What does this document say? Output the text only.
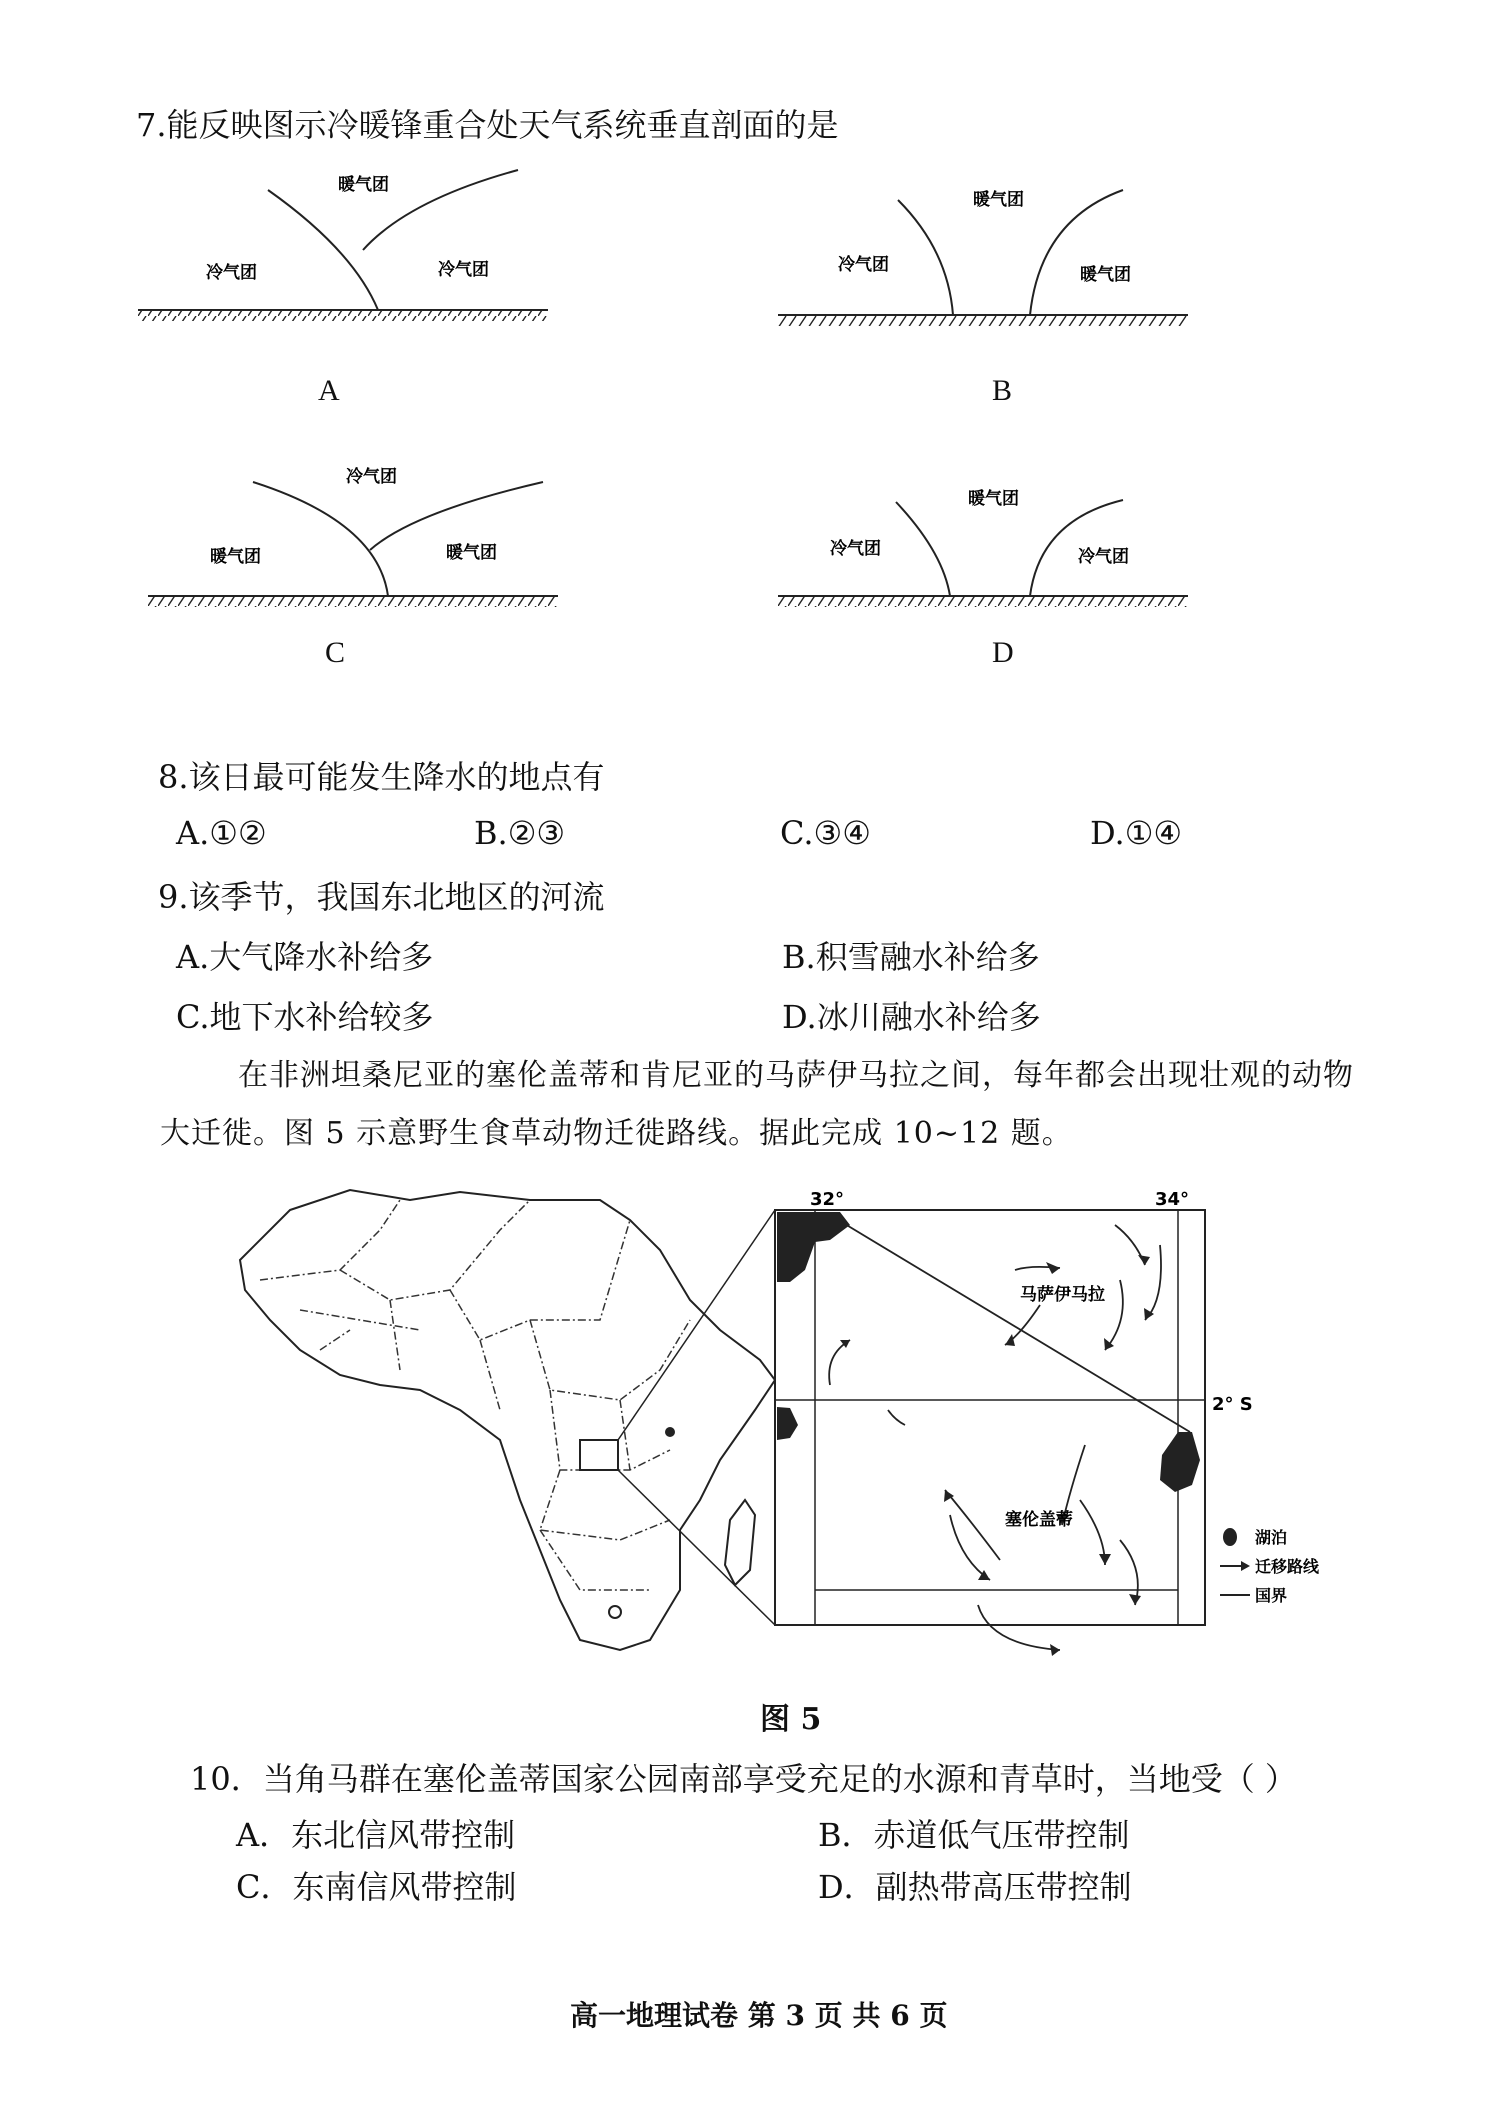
7.能反映图示冷暖锋重合处天气系统垂直剖面的是
暖气团
冷气团	冷气团
A
暖气团
冷气团	暖气团
B
冷气团
暖气团	暖气团
C
暖气团
冷气团	冷气团
D
8.该日最可能发生降水的地点有
A.①②	B.②③	C.③④	D.①④
9.该季节，我国东北地区的河流
A.大气降水补给多	B.积雪融水补给多
C.地下水补给较多	D.冰川融水补给多
在非洲坦桑尼亚的塞伦盖蒂和肯尼亚的马萨伊马拉之间，每年都会出现壮观的动物
大迁徙。图 5 示意野生食草动物迁徙路线。据此完成 10~12 题。
32°	34°
2° S
马萨伊马拉
塞伦盖蒂
湖泊
迁移路线
国界
图 5
10．当角马群在塞伦盖蒂国家公园南部享受充足的水源和青草时，当地受（ ）
A．东北信风带控制	B．赤道低气压带控制
C．东南信风带控制	D．副热带高压带控制
高一地理试卷 第 3 页 共 6 页
